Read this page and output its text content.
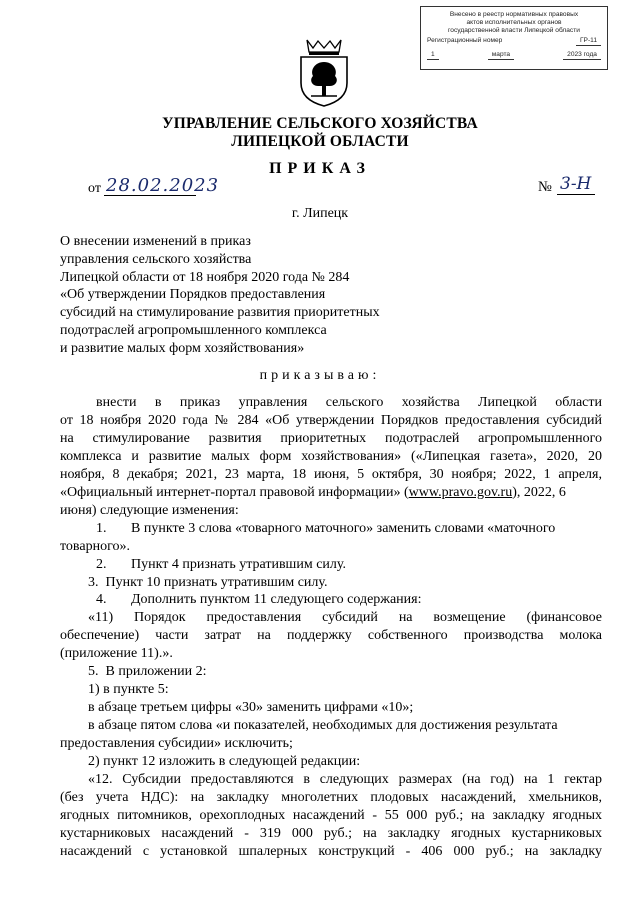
Внесено в реестр нормативных правовых
актов исполнительных органов
государственной власти Липецкой области
Регистрационный номер	ГР-11
1	марта	2023 года
УПРАВЛЕНИЕ СЕЛЬСКОГО ХОЗЯЙСТВА
ЛИПЕЦКОЙ ОБЛАСТИ
ПРИКАЗ
от 28.02.2023	№ 3-Н
г. Липецк
О внесении изменений в приказ
управления сельского хозяйства
Липецкой области от 18 ноября 2020 года № 284
«Об утверждении Порядков предоставления
субсидий на стимулирование развития приоритетных
подотраслей агропромышленного комплекса
и развитие малых форм хозяйствования»
приказываю:
внести в приказ управления сельского хозяйства Липецкой области
от 18 ноября 2020 года № 284 «Об утверждении Порядков предоставления субсидий
на стимулирование развития приоритетных подотраслей агропромышленного
комплекса и развитие малых форм хозяйствования» («Липецкая газета», 2020, 20
ноября, 8 декабря; 2021, 23 марта, 18 июня, 5 октября, 30 ноября; 2022, 1 апреля,
«Официальный интернет-портал правовой информации» (www.pravo.gov.ru), 2022, 6
июня) следующие изменения:
1.       В пункте 3 слова «товарного маточного» заменить словами «маточного
товарного».
2.       Пункт 4 признать утратившим силу.
3.  Пункт 10 признать утратившим силу.
4.       Дополнить пунктом 11 следующего содержания:
«11) Порядок предоставления субсидий на возмещение (финансовое
обеспечение) части затрат на поддержку собственного производства молока
(приложение 11).».
5.  В приложении 2:
1) в пункте 5:
в абзаце третьем цифры «30» заменить цифрами «10»;
в абзаце пятом слова «и показателей, необходимых для достижения результата
предоставления субсидии» исключить;
2) пункт 12 изложить в следующей редакции:
«12. Субсидии предоставляются в следующих размерах (на год) на 1 гектар
(без учета НДС): на закладку многолетних плодовых насаждений, хмельников,
ягодных питомников, орехоплодных насаждений - 55 000 руб.; на закладку ягодных
кустарниковых насаждений - 319 000 руб.; на закладку ягодных кустарниковых
насаждений с установкой шпалерных конструкций - 406 000 руб.; на закладку
